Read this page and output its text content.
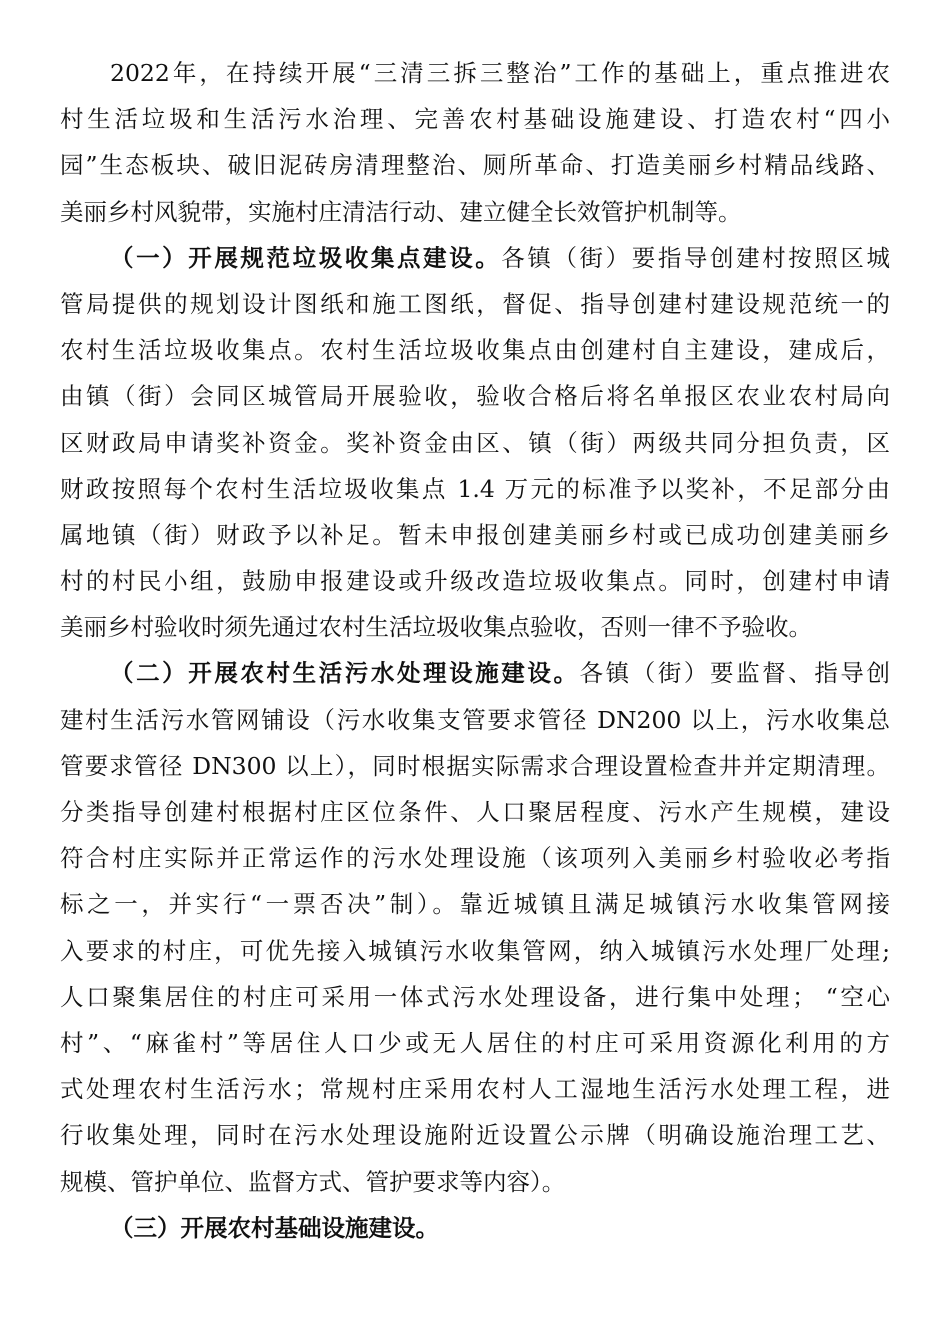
2022年，在持续开展“三清三拆三整治”工作的基础上，重点推进农
村生活垃圾和生活污水治理、完善农村基础设施建设、打造农村“四小
园”生态板块、破旧泥砖房清理整治、厕所革命、打造美丽乡村精品线路、
美丽乡村风貌带，实施村庄清洁行动、建立健全长效管护机制等。
（一）开展规范垃圾收集点建设。各镇（街）要指导创建村按照区城
管局提供的规划设计图纸和施工图纸，督促、指导创建村建设规范统一的
农村生活垃圾收集点。农村生活垃圾收集点由创建村自主建设，建成后，
由镇（街）会同区城管局开展验收，验收合格后将名单报区农业农村局向
区财政局申请奖补资金。奖补资金由区、镇（街）两级共同分担负责，区
财政按照每个农村生活垃圾收集点 1.4 万元的标准予以奖补，不足部分由
属地镇（街）财政予以补足。暂未申报创建美丽乡村或已成功创建美丽乡
村的村民小组，鼓励申报建设或升级改造垃圾收集点。同时，创建村申请
美丽乡村验收时须先通过农村生活垃圾收集点验收，否则一律不予验收。
（二）开展农村生活污水处理设施建设。各镇（街）要监督、指导创
建村生活污水管网铺设（污水收集支管要求管径 DN200 以上，污水收集总
管要求管径 DN300 以上），同时根据实际需求合理设置检查井并定期清理。
分类指导创建村根据村庄区位条件、人口聚居程度、污水产生规模，建设
符合村庄实际并正常运作的污水处理设施（该项列入美丽乡村验收必考指
标之一，并实行“一票否决”制）。靠近城镇且满足城镇污水收集管网接
入要求的村庄，可优先接入城镇污水收集管网，纳入城镇污水处理厂处理;
人口聚集居住的村庄可采用一体式污水处理设备，进行集中处理； “空心
村”、“麻雀村”等居住人口少或无人居住的村庄可采用资源化利用的方
式处理农村生活污水；常规村庄采用农村人工湿地生活污水处理工程，进
行收集处理，同时在污水处理设施附近设置公示牌（明确设施治理工艺、
规模、管护单位、监督方式、管护要求等内容）。
（三）开展农村基础设施建设。
